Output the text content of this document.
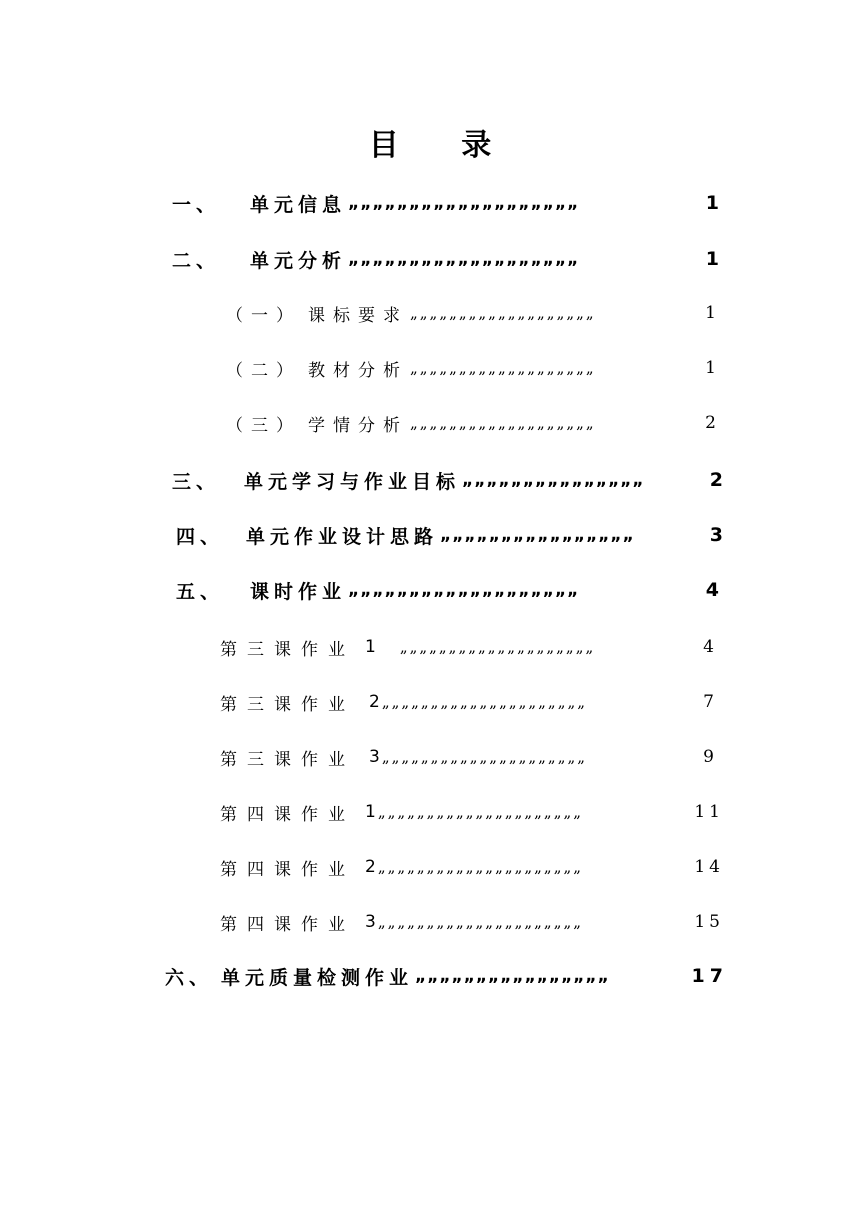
目 录
一、	单元信息 „„„„„„„„„„„„„„„„„„„	1
二、	单元分析 „„„„„„„„„„„„„„„„„„„	1
（一） 课标要求 „„„„„„„„„„„„„„„„„„„	1
（二） 教材分析 „„„„„„„„„„„„„„„„„„„	1
（三） 学情分析 „„„„„„„„„„„„„„„„„„„	2
三、	单元学习与作业目标 „„„„„„„„„„„„„„„	2
四、	单元作业设计思路 „„„„„„„„„„„„„„„„	3
五、	课时作业 „„„„„„„„„„„„„„„„„„„	4
第三课作业 1 „„„„„„„„„„„„„„„„„„„„	4
第三课作业 2 „„„„„„„„„„„„„„„„„„„„„	7
第三课作业 3 „„„„„„„„„„„„„„„„„„„„„	9
第四课作业 1 „„„„„„„„„„„„„„„„„„„„„	11
第四课作业 2 „„„„„„„„„„„„„„„„„„„„„	14
第四课作业 3 „„„„„„„„„„„„„„„„„„„„„	15
六、 单元质量检测作业 „„„„„„„„„„„„„„„„	17
